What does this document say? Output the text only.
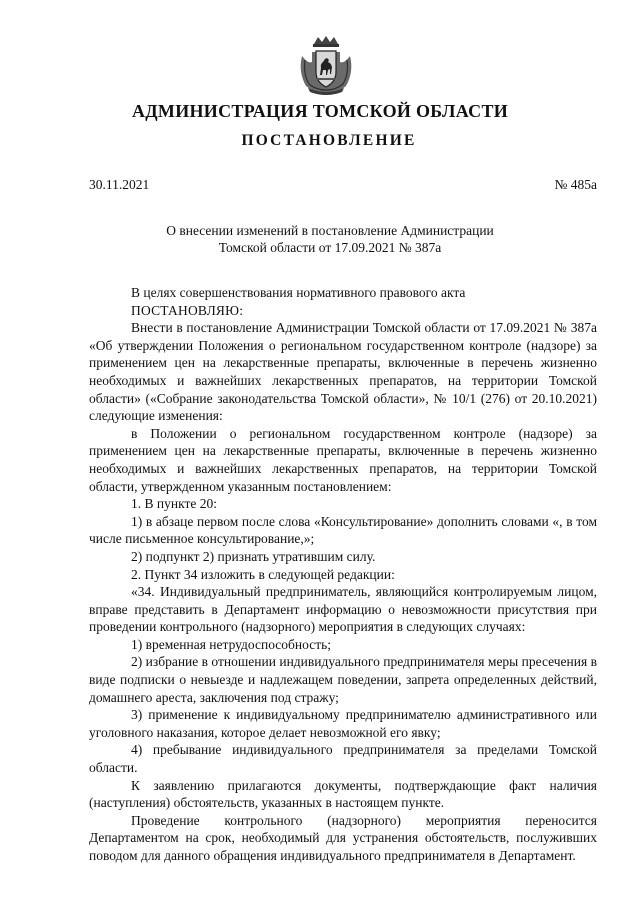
АДМИНИСТРАЦИЯ ТОМСКОЙ ОБЛАСТИ
ПОСТАНОВЛЕНИЕ
30.11.2021	№ 485а
О внесении изменений в постановление Администрации
Томской области от 17.09.2021 № 387а

В целях совершенствования нормативного правового акта

ПОСТАНОВЛЯЮ:

Внести в постановление Администрации Томской области от 17.09.2021 № 387а «Об утверждении Положения о региональном государственном контроле (надзоре) за применением цен на лекарственные препараты, включенные в перечень жизненно необходимых и важнейших лекарственных препаратов, на территории Томской области» («Собрание законодательства Томской области», № 10/1 (276) от 20.10.2021) следующие изменения:

в Положении о региональном государственном контроле (надзоре) за применением цен на лекарственные препараты, включенные в перечень жизненно необходимых и важнейших лекарственных препаратов, на территории Томской области, утвержденном указанным постановлением:

1. В пункте 20:

1) в абзаце первом после слова «Консультирование» дополнить словами «, в том числе письменное консультирование,»;

2) подпункт 2) признать утратившим силу.

2. Пункт 34 изложить в следующей редакции:

«34. Индивидуальный предприниматель, являющийся контролируемым лицом, вправе представить в Департамент информацию о невозможности присутствия при проведении контрольного (надзорного) мероприятия в следующих случаях:

1) временная нетрудоспособность;

2) избрание в отношении индивидуального предпринимателя меры пресечения в виде подписки о невыезде и надлежащем поведении, запрета определенных действий, домашнего ареста, заключения под стражу;

3) применение к индивидуальному предпринимателю административного или уголовного наказания, которое делает невозможной его явку;

4) пребывание индивидуального предпринимателя за пределами Томской области.

К заявлению прилагаются документы, подтверждающие факт наличия (наступления) обстоятельств, указанных в настоящем пункте.

Проведение контрольного (надзорного) мероприятия переносится Департаментом на срок, необходимый для устранения обстоятельств, послуживших поводом для данного обращения индивидуального предпринимателя в Департамент.
